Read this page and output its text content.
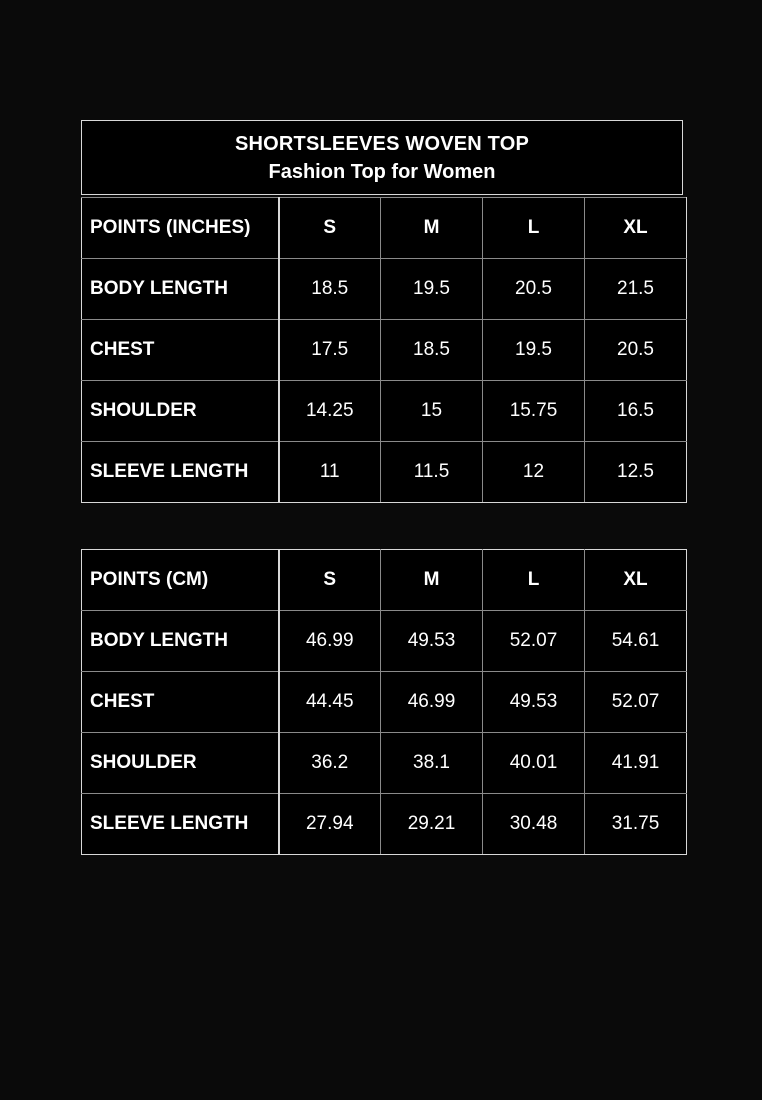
SHORTSLEEVES WOVEN TOP
Fashion Top for Women
POINTS (INCHES)	S	M	L	XL
BODY LENGTH	18.5	19.5	20.5	21.5
CHEST	17.5	18.5	19.5	20.5
SHOULDER	14.25	15	15.75	16.5
SLEEVE LENGTH	11	11.5	12	12.5
POINTS (CM)	S	M	L	XL
BODY LENGTH	46.99	49.53	52.07	54.61
CHEST	44.45	46.99	49.53	52.07
SHOULDER	36.2	38.1	40.01	41.91
SLEEVE LENGTH	27.94	29.21	30.48	31.75
